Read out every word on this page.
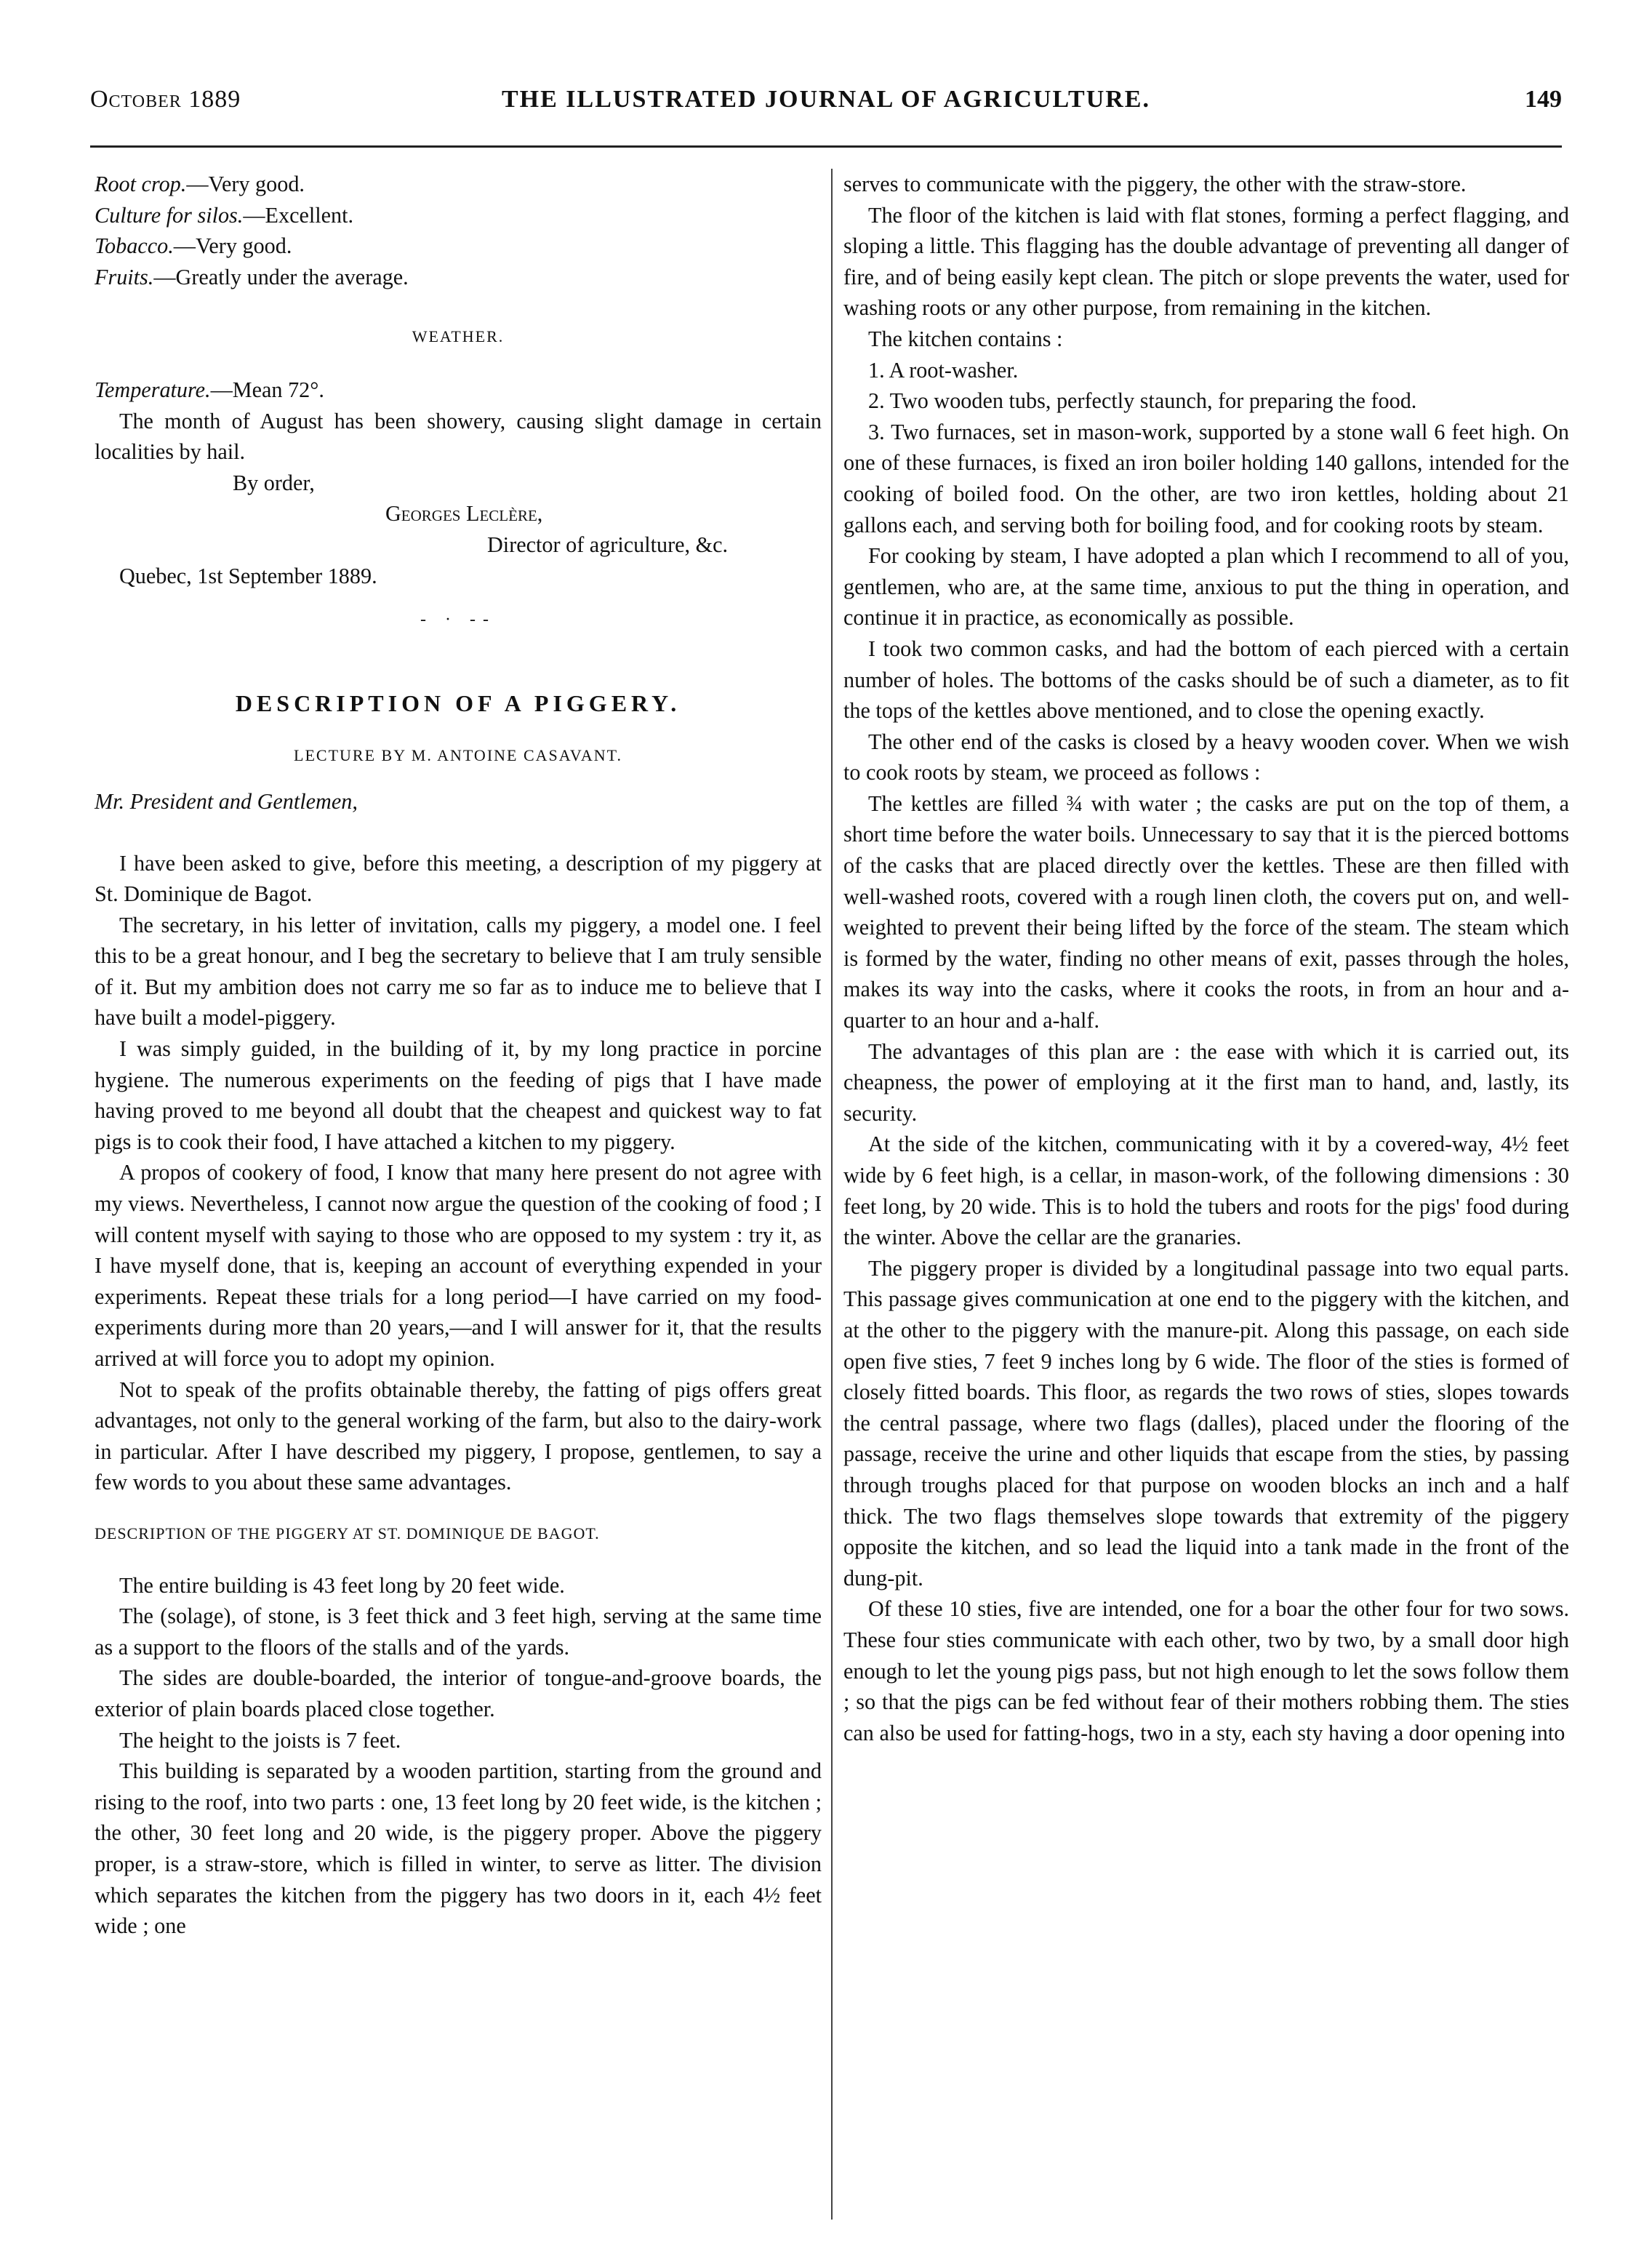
October 1889	THE ILLUSTRATED JOURNAL OF AGRICULTURE.	149
Root crop.—Very good.
Culture for silos.—Excellent.
Tobacco.—Very good.
Fruits.—Greatly under the average.
WEATHER.
Temperature.—Mean 72°.

The month of August has been showery, causing slight damage in certain localities by hail.

By order,
Georges Leclère,
Director of agriculture, &c.

Quebec, 1st September 1889.

- · --
DESCRIPTION OF A PIGGERY.
LECTURE BY M. ANTOINE CASAVANT.

Mr. President and Gentlemen,

I have been asked to give, before this meeting, a description of my piggery at St. Dominique de Bagot.

The secretary, in his letter of invitation, calls my piggery, a model one. I feel this to be a great honour, and I beg the secretary to believe that I am truly sensible of it. But my ambition does not carry me so far as to induce me to believe that I have built a model-piggery.

I was simply guided, in the building of it, by my long practice in porcine hygiene. The numerous experiments on the feeding of pigs that I have made having proved to me beyond all doubt that the cheapest and quickest way to fat pigs is to cook their food, I have attached a kitchen to my piggery.

A propos of cookery of food, I know that many here present do not agree with my views. Nevertheless, I cannot now argue the question of the cooking of food ; I will content myself with saying to those who are opposed to my system : try it, as I have myself done, that is, keeping an account of everything expended in your experiments. Repeat these trials for a long period—I have carried on my food-experiments during more than 20 years,—and I will answer for it, that the results arrived at will force you to adopt my opinion.

Not to speak of the profits obtainable thereby, the fatting of pigs offers great advantages, not only to the general working of the farm, but also to the dairy-work in particular. After I have described my piggery, I propose, gentlemen, to say a few words to you about these same advantages.

DESCRIPTION OF THE PIGGERY AT ST. DOMINIQUE DE BAGOT.

The entire building is 43 feet long by 20 feet wide.

The (solage), of stone, is 3 feet thick and 3 feet high, serving at the same time as a support to the floors of the stalls and of the yards.

The sides are double-boarded, the interior of tongue-and-groove boards, the exterior of plain boards placed close together.

The height to the joists is 7 feet.

This building is separated by a wooden partition, starting from the ground and rising to the roof, into two parts : one, 13 feet long by 20 feet wide, is the kitchen ; the other, 30 feet long and 20 wide, is the piggery proper. Above the piggery proper, is a straw-store, which is filled in winter, to serve as litter. The division which separates the kitchen from the piggery has two doors in it, each 4½ feet wide ; one

serves to communicate with the piggery, the other with the straw-store.

The floor of the kitchen is laid with flat stones, forming a perfect flagging, and sloping a little. This flagging has the double advantage of preventing all danger of fire, and of being easily kept clean. The pitch or slope prevents the water, used for washing roots or any other purpose, from remaining in the kitchen.

The kitchen contains :

1. A root-washer.

2. Two wooden tubs, perfectly staunch, for preparing the food.

3. Two furnaces, set in mason-work, supported by a stone wall 6 feet high. On one of these furnaces, is fixed an iron boiler holding 140 gallons, intended for the cooking of boiled food. On the other, are two iron kettles, holding about 21 gallons each, and serving both for boiling food, and for cooking roots by steam.

For cooking by steam, I have adopted a plan which I recommend to all of you, gentlemen, who are, at the same time, anxious to put the thing in operation, and continue it in practice, as economically as possible.

I took two common casks, and had the bottom of each pierced with a certain number of holes. The bottoms of the casks should be of such a diameter, as to fit the tops of the kettles above mentioned, and to close the opening exactly.

The other end of the casks is closed by a heavy wooden cover. When we wish to cook roots by steam, we proceed as follows :

The kettles are filled ¾ with water ; the casks are put on the top of them, a short time before the water boils. Unnecessary to say that it is the pierced bottoms of the casks that are placed directly over the kettles. These are then filled with well-washed roots, covered with a rough linen cloth, the covers put on, and well-weighted to prevent their being lifted by the force of the steam. The steam which is formed by the water, finding no other means of exit, passes through the holes, makes its way into the casks, where it cooks the roots, in from an hour and a-quarter to an hour and a-half.

The advantages of this plan are : the ease with which it is carried out, its cheapness, the power of employing at it the first man to hand, and, lastly, its security.

At the side of the kitchen, communicating with it by a covered-way, 4½ feet wide by 6 feet high, is a cellar, in mason-work, of the following dimensions : 30 feet long, by 20 wide. This is to hold the tubers and roots for the pigs' food during the winter. Above the cellar are the granaries.

The piggery proper is divided by a longitudinal passage into two equal parts. This passage gives communication at one end to the piggery with the kitchen, and at the other to the piggery with the manure-pit. Along this passage, on each side open five sties, 7 feet 9 inches long by 6 wide. The floor of the sties is formed of closely fitted boards. This floor, as regards the two rows of sties, slopes towards the central passage, where two flags (dalles), placed under the flooring of the passage, receive the urine and other liquids that escape from the sties, by passing through troughs placed for that purpose on wooden blocks an inch and a half thick. The two flags themselves slope towards that extremity of the piggery opposite the kitchen, and so lead the liquid into a tank made in the front of the dung-pit.

Of these 10 sties, five are intended, one for a boar the other four for two sows. These four sties communicate with each other, two by two, by a small door high enough to let the young pigs pass, but not high enough to let the sows follow them ; so that the pigs can be fed without fear of their mothers robbing them. The sties can also be used for fatting-hogs, two in a sty, each sty having a door opening into
